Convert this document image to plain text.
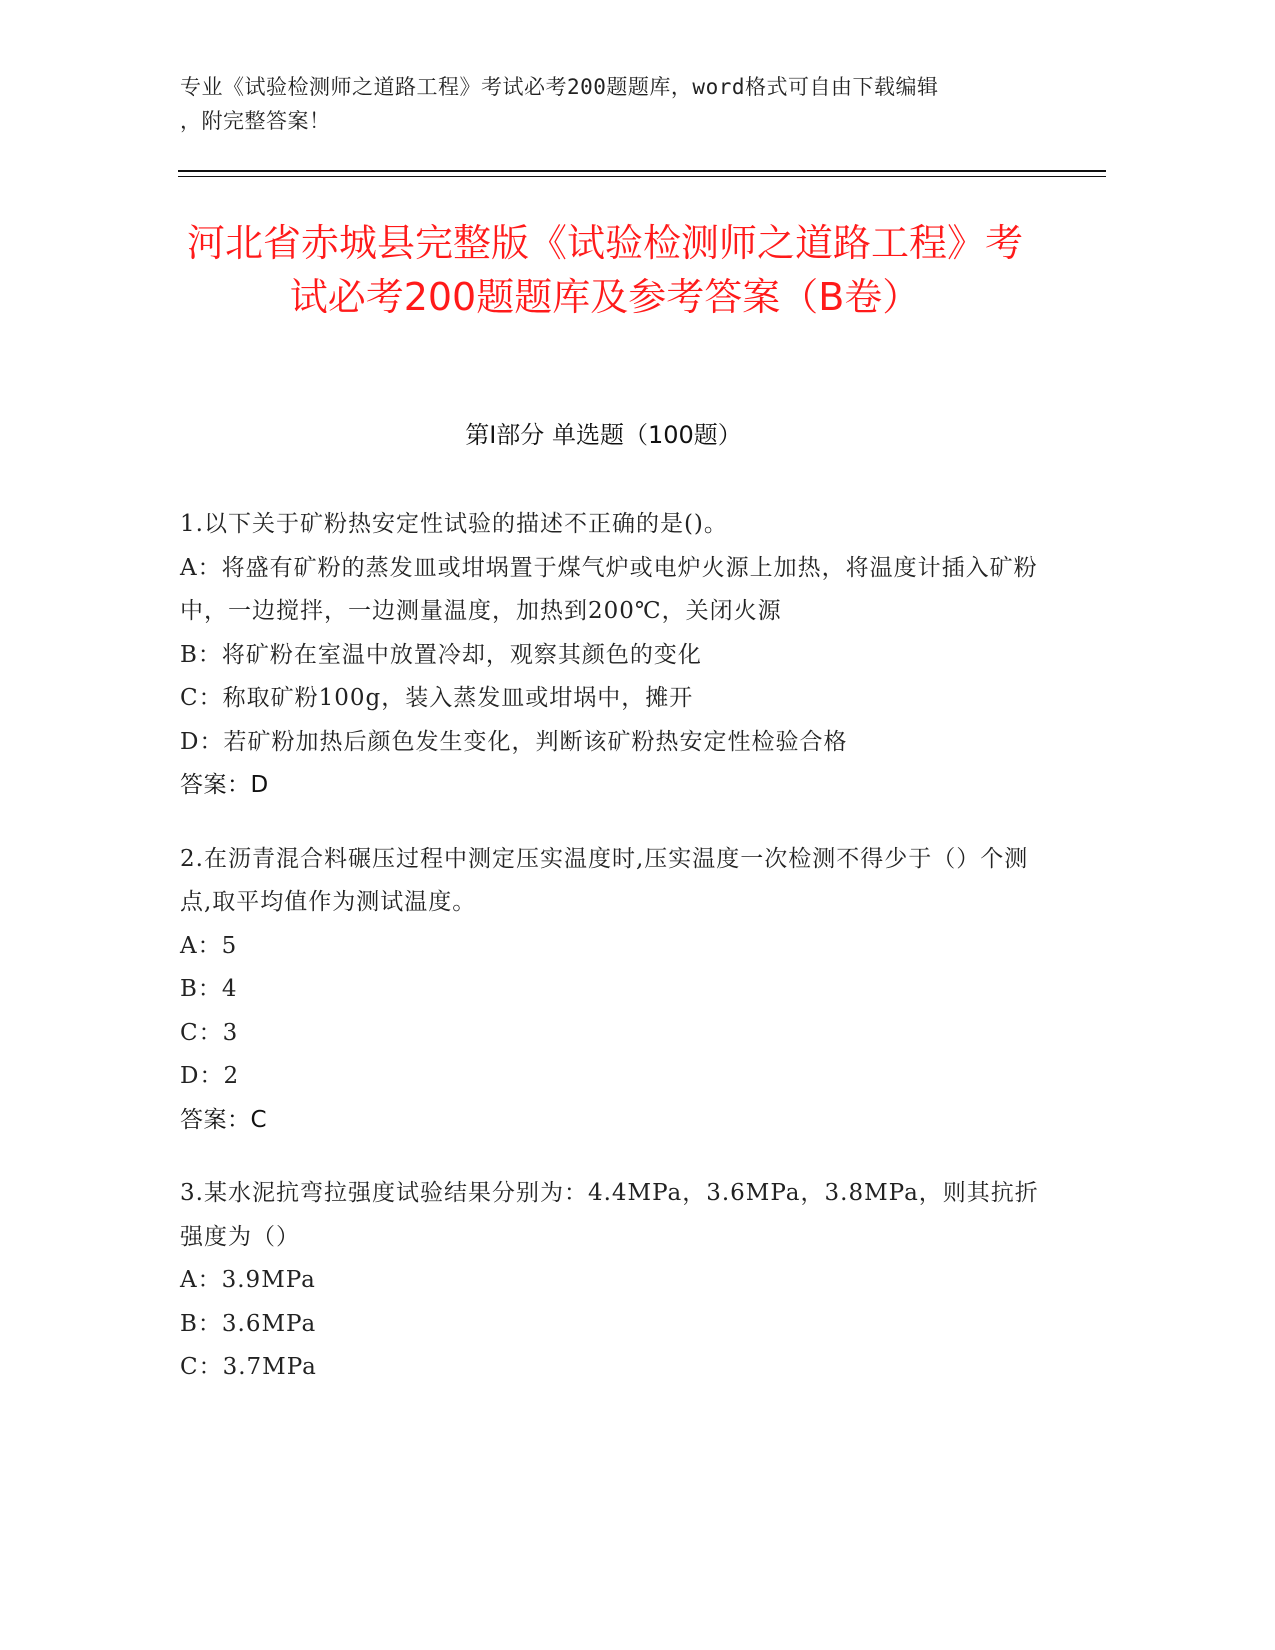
专业《试验检测师之道路工程》考试必考200题题库，word格式可自由下载编辑

，附完整答案！

河北省赤城县完整版《试验检测师之道路工程》考试必考200题题库及参考答案（B卷）
第Ⅰ部分 单选题（100题）

1.以下关于矿粉热安定性试验的描述不正确的是()。

A：将盛有矿粉的蒸发皿或坩埚置于煤气炉或电炉火源上加热，将温度计插入矿粉中，一边搅拌，一边测量温度，加热到200℃，关闭火源

B：将矿粉在室温中放置冷却，观察其颜色的变化

C：称取矿粉100g，装入蒸发皿或坩埚中，摊开

D：若矿粉加热后颜色发生变化，判断该矿粉热安定性检验合格

答案：D

2.在沥青混合料碾压过程中测定压实温度时,压实温度一次检测不得少于（）个测点,取平均值作为测试温度。

A：5

B：4

C：3

D：2

答案：C

3.某水泥抗弯拉强度试验结果分别为：4.4MPa，3.6MPa，3.8MPa，则其抗折强度为（）

A：3.9MPa

B：3.6MPa

C：3.7MPa
